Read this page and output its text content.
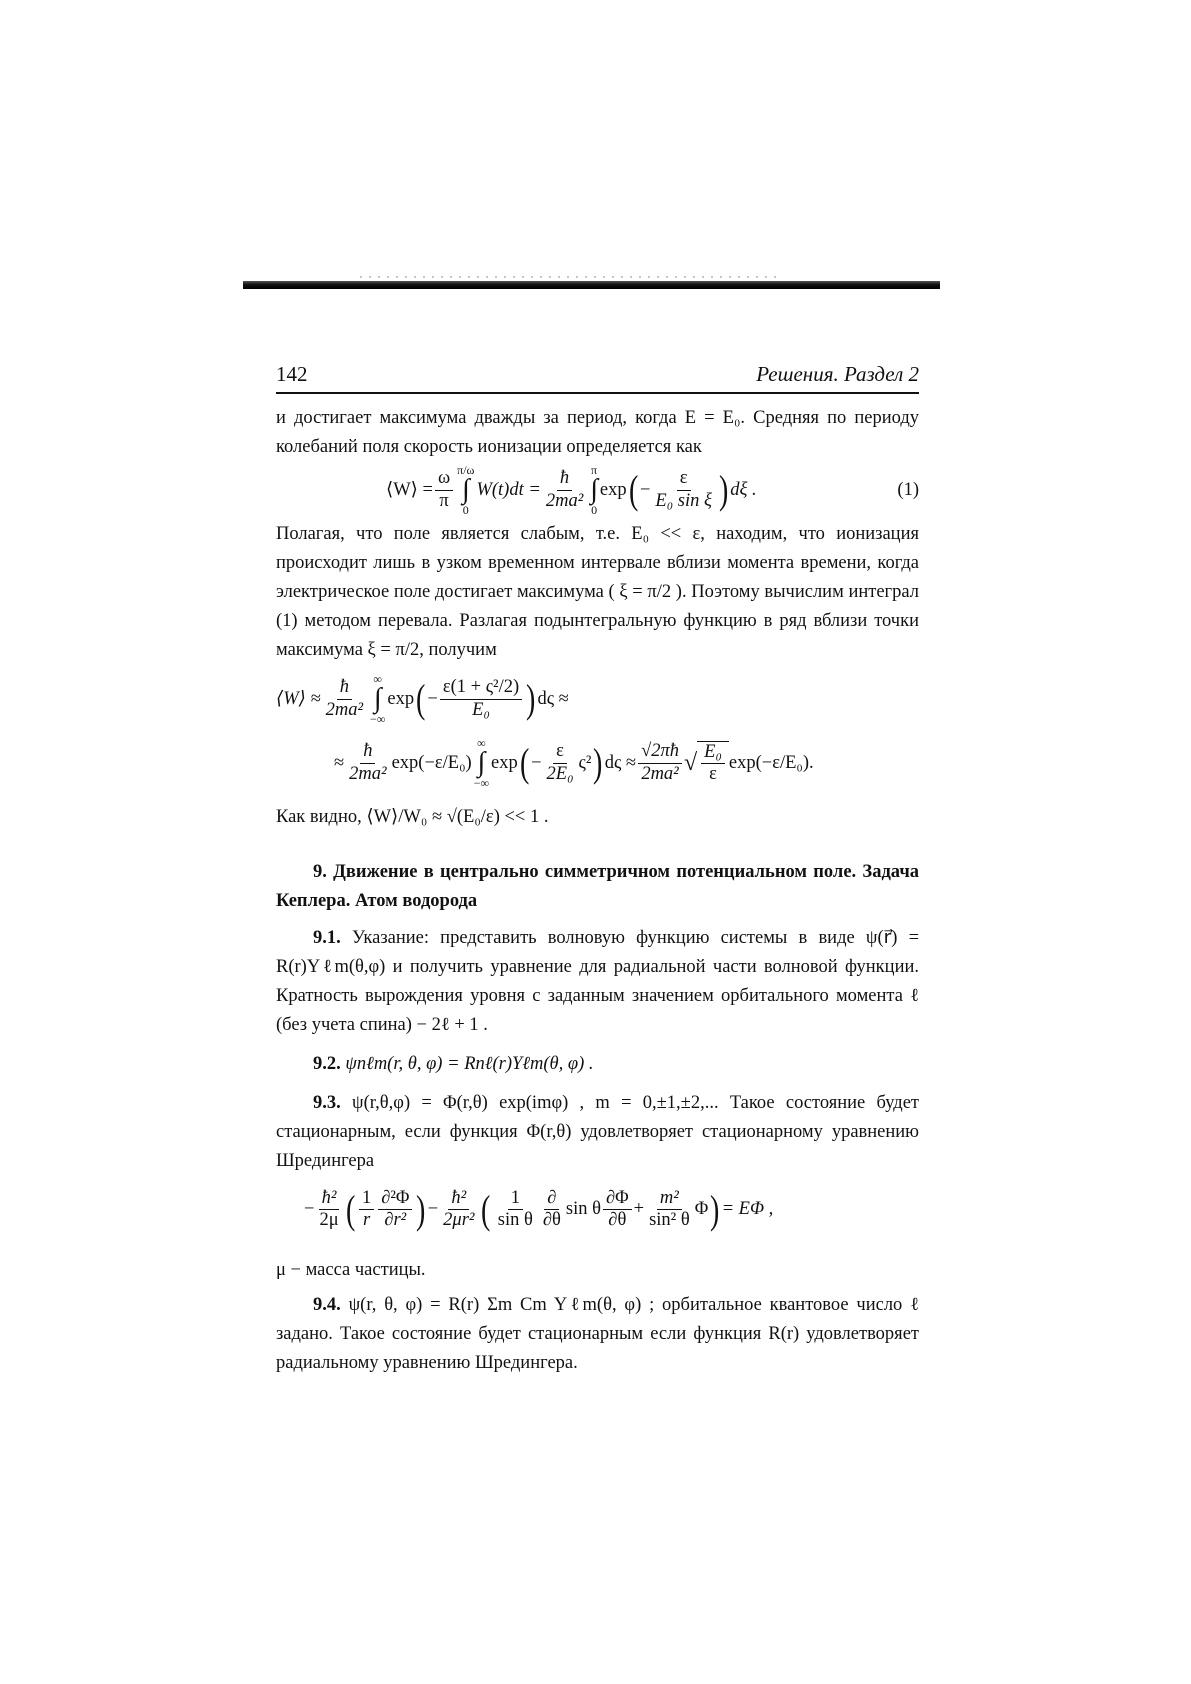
142	Решения. Раздел 2

и достигает максимума дважды за период, когда E = E₀. Средняя по периоду колебаний поля скорость ионизации определяется как

⟨W⟩ = $\frac{\omega}{\pi} \pi/\omega$
∫
0
$W(t)dt = \frac{ħ}{\text{2ma²}}$ π
∫
0
exp ( − $\frac{\varepsilon}{\text{E₀ sin ξ}}$ ) dξ .	(1)

Полагая, что поле является слабым, т.е. E₀ << ε, находим, что ионизация происходит лишь в узком временном интервале вблизи момента времени, когда электрическое поле достигает максимума ( ξ = π/2 ). Поэтому вычислим интеграл (1) методом перевала. Разлагая подынтегральную функцию в ряд вблизи точки максимума ξ = π/2, получим

⟨W⟩ ≈ $\frac{ħ}{\text{2ma²}}$ ∞
∫
−∞
exp ( − $\frac{\text{ε(1 + ς²/2)}}{\text{E₀}}$ ) dς ≈
≈ $\frac{ħ}{\text{2ma²}} \exp(-\varepsilon/E_0)$
∞
∫
−∞
exp ( − $\frac{\varepsilon}{\text{2E₀}} \varsigma^2$ ) $d\varsigma \approx \frac{√2\pi ħ}{\text{2ma²}}$ √ $\frac{\text{E₀}}{\varepsilon} \exp(-\varepsilon/E_0)$.

Как видно, ⟨W⟩/W₀ ≈ √(E₀/ε) << 1 .

9. Движение в центрально симметричном потенциальном поле. Задача Кеплера. Атом водорода

9.1. Указание: представить волновую функцию системы в виде ψ(r⃗) = R(r)Yℓm(θ,φ) и получить уравнение для радиальной части волновой функции. Кратность вырождения уровня с заданным значением орбитального момента ℓ (без учета спина) − 2ℓ + 1 .

9.2. ψnℓm(r, θ, φ) = Rnℓ(r)Yℓm(θ, φ) .

9.3. ψ(r,θ,φ) = Φ(r,θ) exp(imφ) , m = 0,±1,±2,... Такое состояние будет стационарным, если функция Φ(r,θ) удовлетворяет стационарному уравнению Шредингера

− $\frac{\text{ħ²}}{2\mu}$ ( $\frac{1}{r} \frac{\text{∂²Φ}}{\text{∂r²}}$ ) − $\frac{\text{ħ²}}{\text{2μr²}}$ ( $\frac{1}{\text{sin θ}} \frac{\partial}{\partial\theta}$ sin θ $\frac{\partial\Phi}{\partial\theta} + \frac{\text{m²}}{\text{sin² θ}}$ Φ ) = EΦ ,

μ − масса частицы.

9.4. ψ(r, θ, φ) = R(r) Σm Cm Yℓm(θ, φ) ; орбитальное квантовое число ℓ задано. Такое состояние будет стационарным если функция R(r) удовлетворяет радиальному уравнению Шредингера.
